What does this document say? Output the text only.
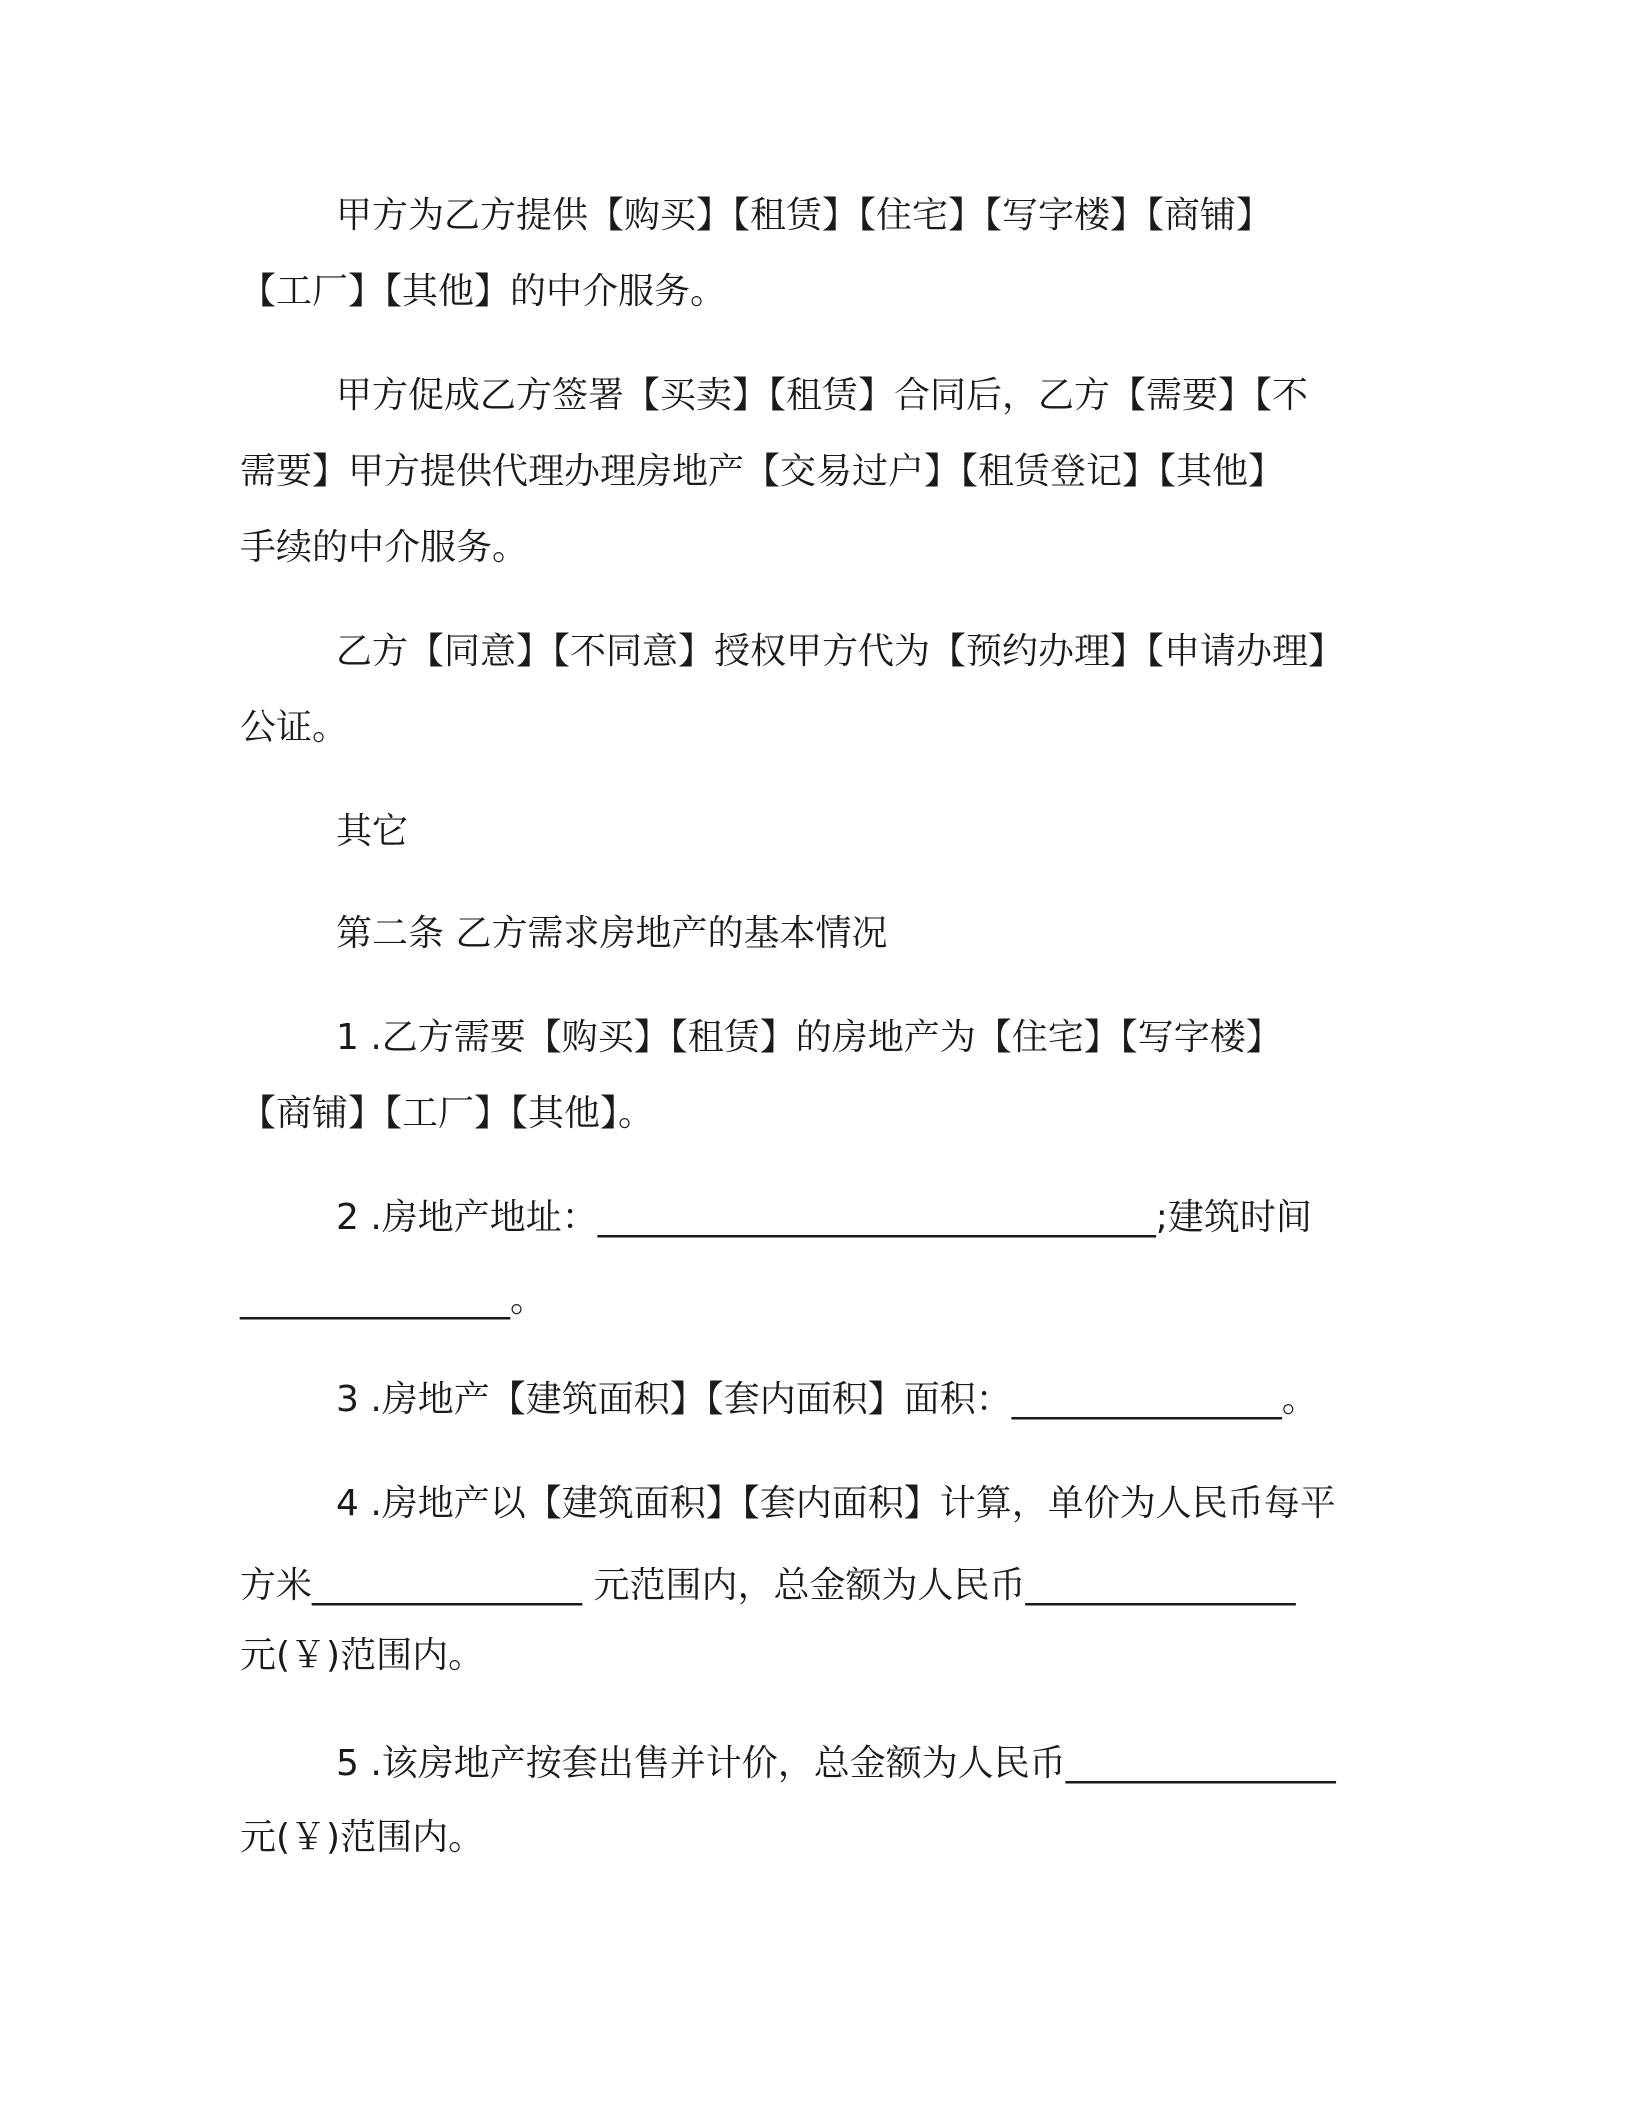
甲方为乙方提供【购买】【租赁】【住宅】【写字楼】【商铺】
【工厂】【其他】的中介服务。
甲方促成乙方签署【买卖】【租赁】合同后，乙方【需要】【不
需要】甲方提供代理办理房地产【交易过户】【租赁登记】【其他】
手续的中介服务。
乙方【同意】【不同意】授权甲方代为【预约办理】【申请办理】
公证。
其它
第二条 乙方需求房地产的基本情况
1 .乙方需要【购买】【租赁】的房地产为【住宅】【写字楼】
【商铺】【工厂】【其他】。
2 .房地产地址：_______________________________;建筑时间
_______________。
3 .房地产【建筑面积】【套内面积】面积：_______________。
4 .房地产以【建筑面积】【套内面积】计算，单价为人民币每平
方米_______________ 元范围内，总金额为人民币_______________
元(￥)范围内。
5 .该房地产按套出售并计价，总金额为人民币_______________
元(￥)范围内。
